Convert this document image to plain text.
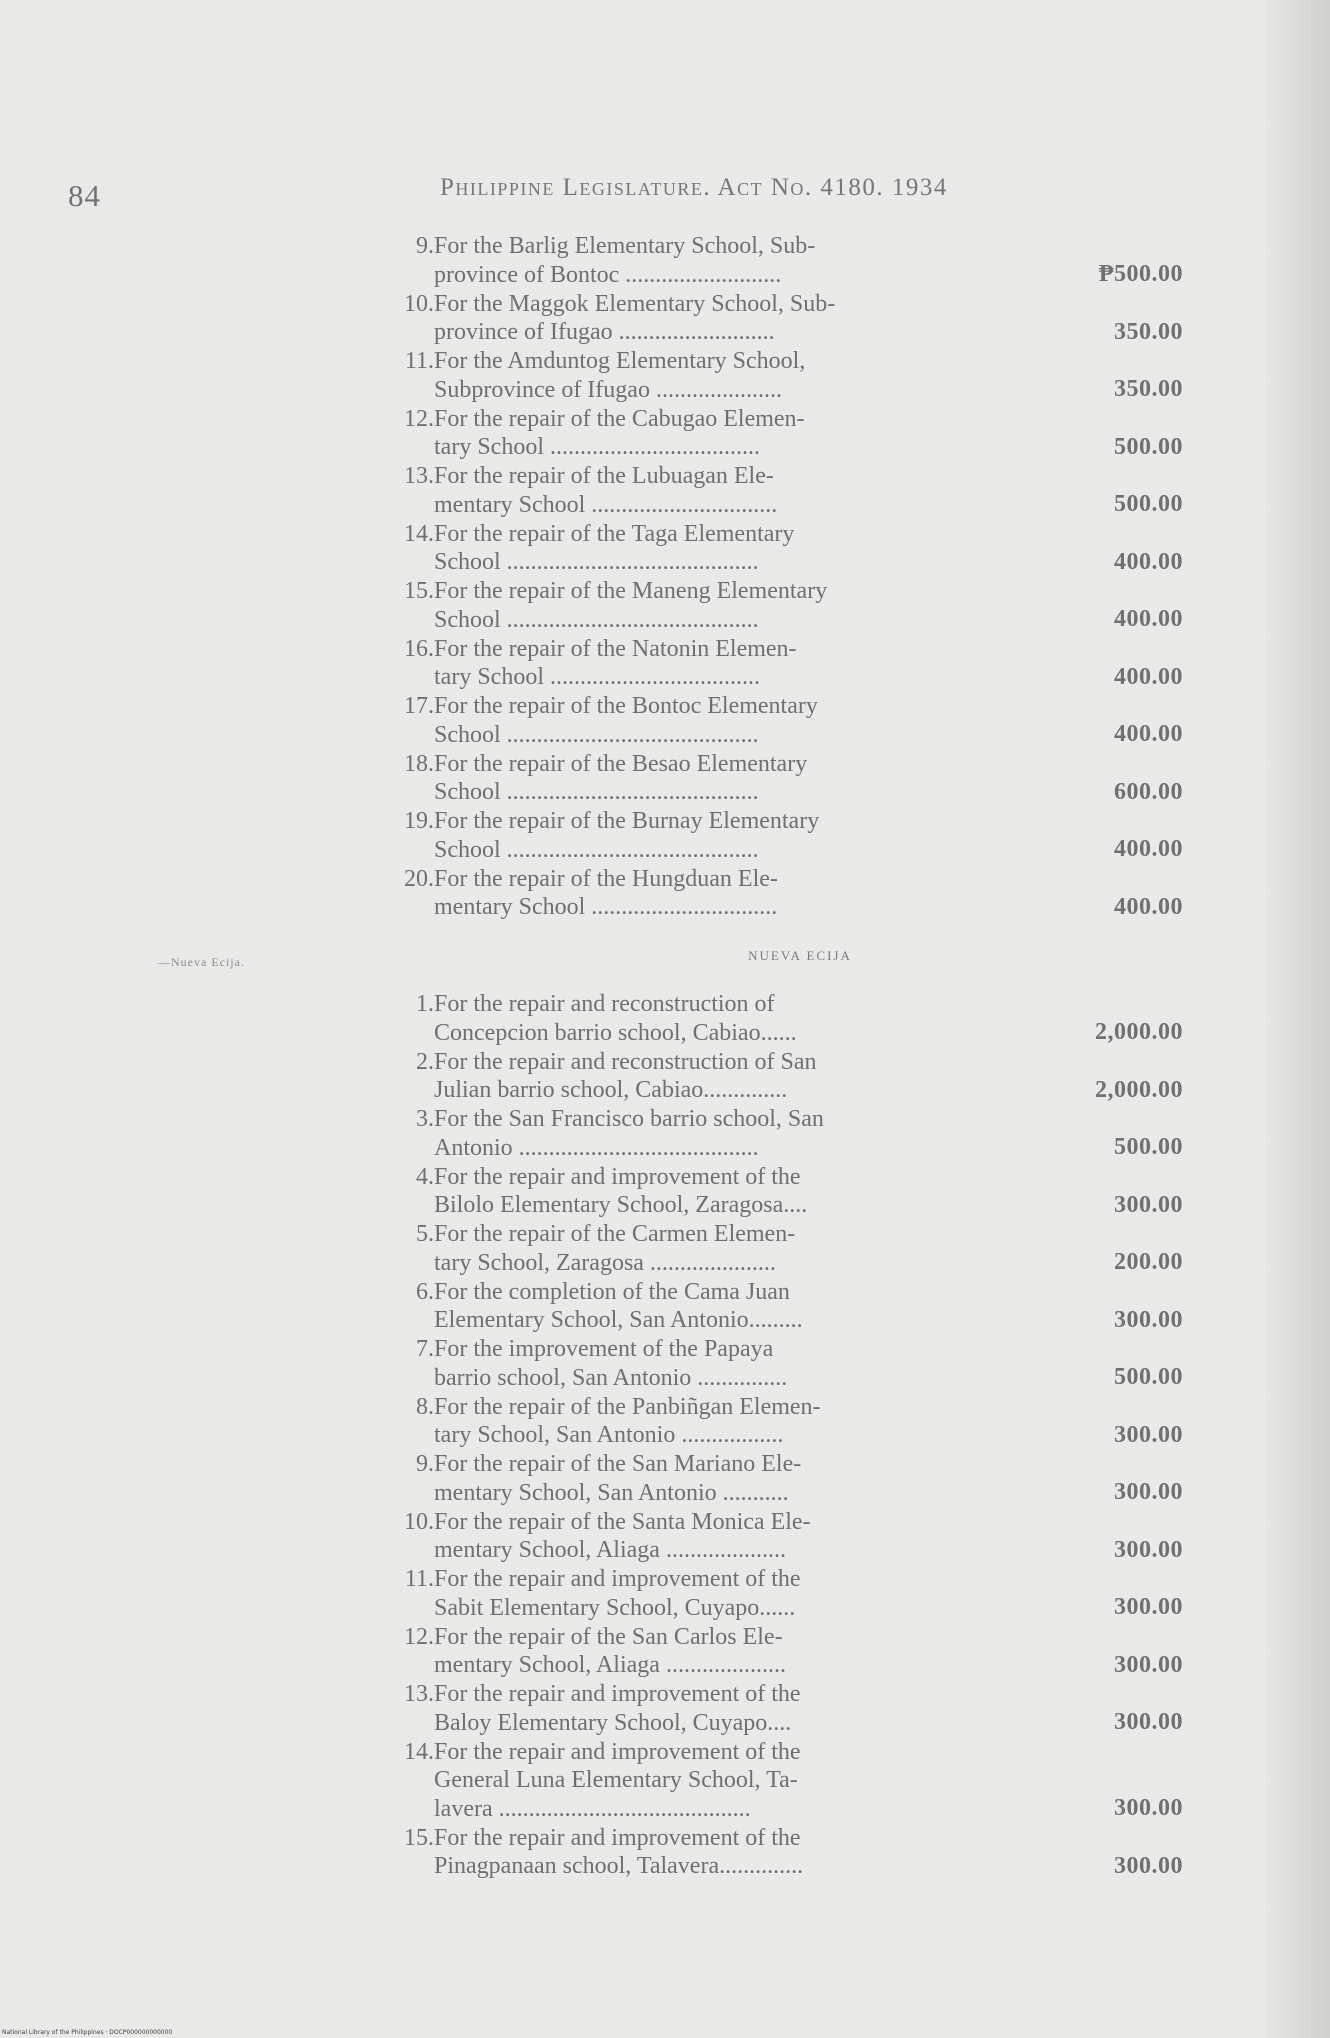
84	Philippine Legislature. Act No. 4180. 1934
9. For the Barlig Elementary School, Sub-
province of Bontoc ..........................	₱500.00
10. For the Maggok Elementary School, Sub-
province of Ifugao ..........................	350.00
11. For the Amduntog Elementary School,
Subprovince of Ifugao .....................	350.00
12. For the repair of the Cabugao Elemen-
tary School ...................................	500.00
13. For the repair of the Lubuagan Ele-
mentary School ...............................	500.00
14. For the repair of the Taga Elementary
School ..........................................	400.00
15. For the repair of the Maneng Elementary
School ..........................................	400.00
16. For the repair of the Natonin Elemen-
tary School ...................................	400.00
17. For the repair of the Bontoc Elementary
School ..........................................	400.00
18. For the repair of the Besao Elementary
School ..........................................	600.00
19. For the repair of the Burnay Elementary
School ..........................................	400.00
20. For the repair of the Hungduan Ele-
mentary School ...............................	400.00
—Nueva Ecija.	NUEVA ECIJA
1. For the repair and reconstruction of
Concepcion barrio school, Cabiao......	2,000.00
2. For the repair and reconstruction of San
Julian barrio school, Cabiao..............	2,000.00
3. For the San Francisco barrio school, San
Antonio ........................................	500.00
4. For the repair and improvement of the
Bilolo Elementary School, Zaragosa....	300.00
5. For the repair of the Carmen Elemen-
tary School, Zaragosa .....................	200.00
6. For the completion of the Cama Juan
Elementary School, San Antonio.........	300.00
7. For the improvement of the Papaya
barrio school, San Antonio ...............	500.00
8. For the repair of the Panbiñgan Elemen-
tary School, San Antonio .................	300.00
9. For the repair of the San Mariano Ele-
mentary School, San Antonio ...........	300.00
10. For the repair of the Santa Monica Ele-
mentary School, Aliaga ....................	300.00
11. For the repair and improvement of the
Sabit Elementary School, Cuyapo......	300.00
12. For the repair of the San Carlos Ele-
mentary School, Aliaga ....................	300.00
13. For the repair and improvement of the
Baloy Elementary School, Cuyapo....	300.00
14. For the repair and improvement of the
General Luna Elementary School, Ta-
lavera ..........................................	300.00
15. For the repair and improvement of the
Pinagpanaan school, Talavera..............	300.00
National Library of the Philippines · DOCP000000000000
